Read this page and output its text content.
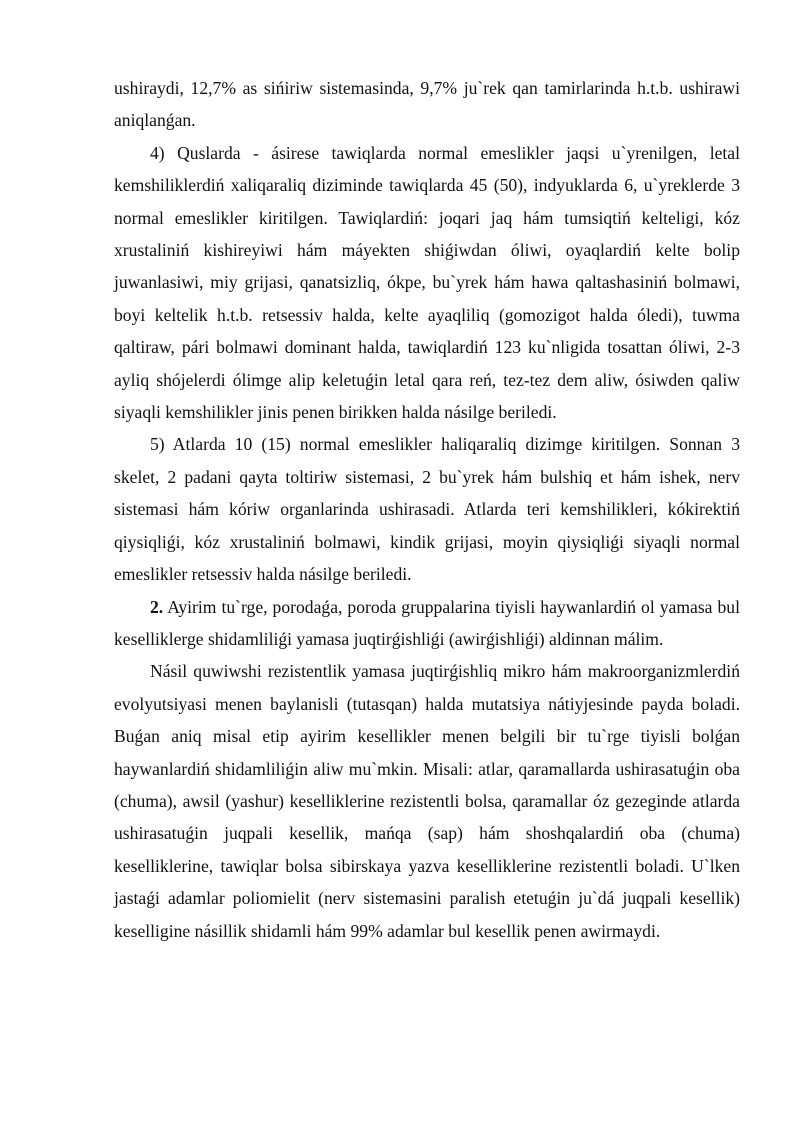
ushiraydi, 12,7% as sińiriw sistemasinda, 9,7% ju`rek qan tamirlarinda h.t.b. ushirawi aniqlanǵan.

4) Quslarda - ásirese tawiqlarda normal emeslikler jaqsi u`yrenilgen, letal kemshiliklerdiń xaliqaraliq diziminde tawiqlarda 45 (50), indyuklarda 6, u`yreklerde 3 normal emeslikler kiritilgen. Tawiqlardiń: joqari jaq hám tumsiqtiń kelteligi, kóz xrustaliniń kishireyiwi hám máyekten shiǵiwdan óliwi, oyaqlardiń kelte bolip juwanlasiwi, miy grijasi, qanatsizliq, ókpe, bu`yrek hám hawa qaltashasiniń bolmawi, boyi keltelik h.t.b. retsessiv halda, kelte ayaqliliq (gomozigot halda óledi), tuwma qaltiraw, pári bolmawi dominant halda, tawiqlardiń 123 ku`nligida tosattan óliwi, 2-3 ayliq shójelerdi ólimge alip keletuǵin letal qara reń, tez-tez dem aliw, ósiwden qaliw siyaqli kemshilikler jinis penen birikken halda násilge beriledi.

5) Atlarda 10 (15) normal emeslikler haliqaraliq dizimge kiritilgen. Sonnan 3 skelet, 2 padani qayta toltiriw sistemasi, 2 bu`yrek hám bulshiq et hám ishek, nerv sistemasi hám kóriw organlarinda ushirasadi. Atlarda teri kemshilikleri, kókirektiń qiysiqliǵi, kóz xrustaliniń bolmawi, kindik grijasi, moyin qiysiqliǵi siyaqli normal emeslikler retsessiv halda násilge beriledi.

2. Ayirim tu`rge, porodaǵa, poroda gruppalarina tiyisli haywanlardiń ol yamasa bul keselliklerge shidamliliǵi yamasa juqtirǵishliǵi (awirǵishliǵi) aldinnan málim.

Násil quwiwshi rezistentlik yamasa juqtirǵishliq mikro hám makroorganizmlerdiń evolyutsiyasi menen baylanisli (tutasqan) halda mutatsiya nátiyjesinde payda boladi. Buǵan aniq misal etip ayirim kesellikler menen belgili bir tu`rge tiyisli bolǵan haywanlardiń shidamliliǵin aliw mu`mkin. Misali: atlar, qaramallarda ushirasatuǵin oba (chuma), awsil (yashur) keselliklerine rezistentli bolsa, qaramallar óz gezeginde atlarda ushirasatuǵin juqpali kesellik, mańqa (sap) hám shoshqalardiń oba (chuma) keselliklerine, tawiqlar bolsa sibirskaya yazva keselliklerine rezistentli boladi. U`lken jastaǵi adamlar poliomielit (nerv sistemasini paralish etetuǵin ju`dá juqpali kesellik) keselligine násillik shidamli hám 99% adamlar bul kesellik penen awirmaydi.
